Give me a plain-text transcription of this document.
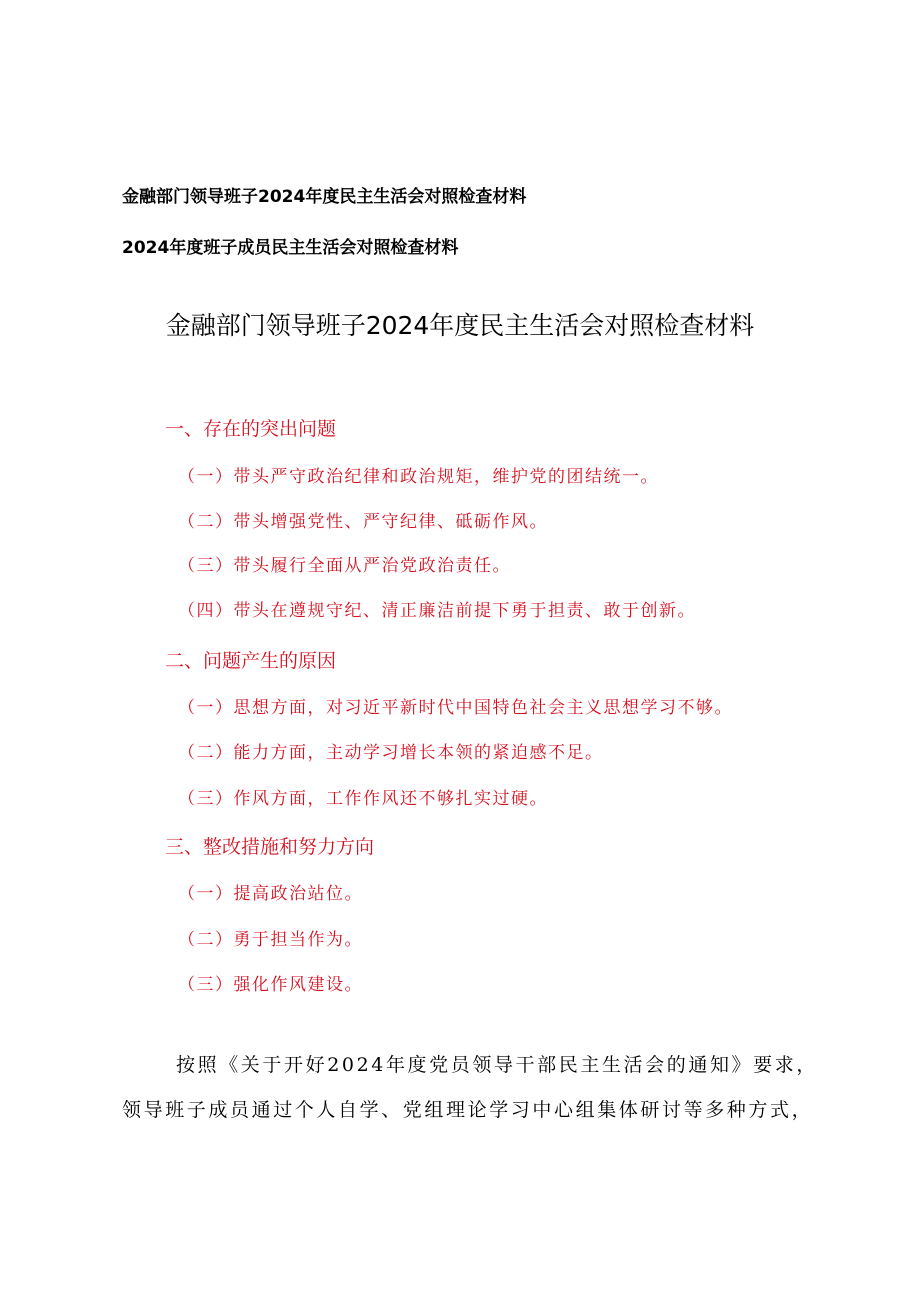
金融部门领导班子2024年度民主生活会对照检查材料
2024年度班子成员民主生活会对照检查材料
金融部门领导班子2024年度民主生活会对照检查材料
一、存在的突出问题
（一）带头严守政治纪律和政治规矩，维护党的团结统一。
（二）带头增强党性、严守纪律、砥砺作风。
（三）带头履行全面从严治党政治责任。
（四）带头在遵规守纪、清正廉洁前提下勇于担责、敢于创新。
二、问题产生的原因
（一）思想方面，对习近平新时代中国特色社会主义思想学习不够。
（二）能力方面，主动学习增长本领的紧迫感不足。
（三）作风方面，工作作风还不够扎实过硬。
三、整改措施和努力方向
（一）提高政治站位。
（二）勇于担当作为。
（三）强化作风建设。
按照《关于开好2024年度党员领导干部民主生活会的通知》要求，
领导班子成员通过个人自学、党组理论学习中心组集体研讨等多种方式，
